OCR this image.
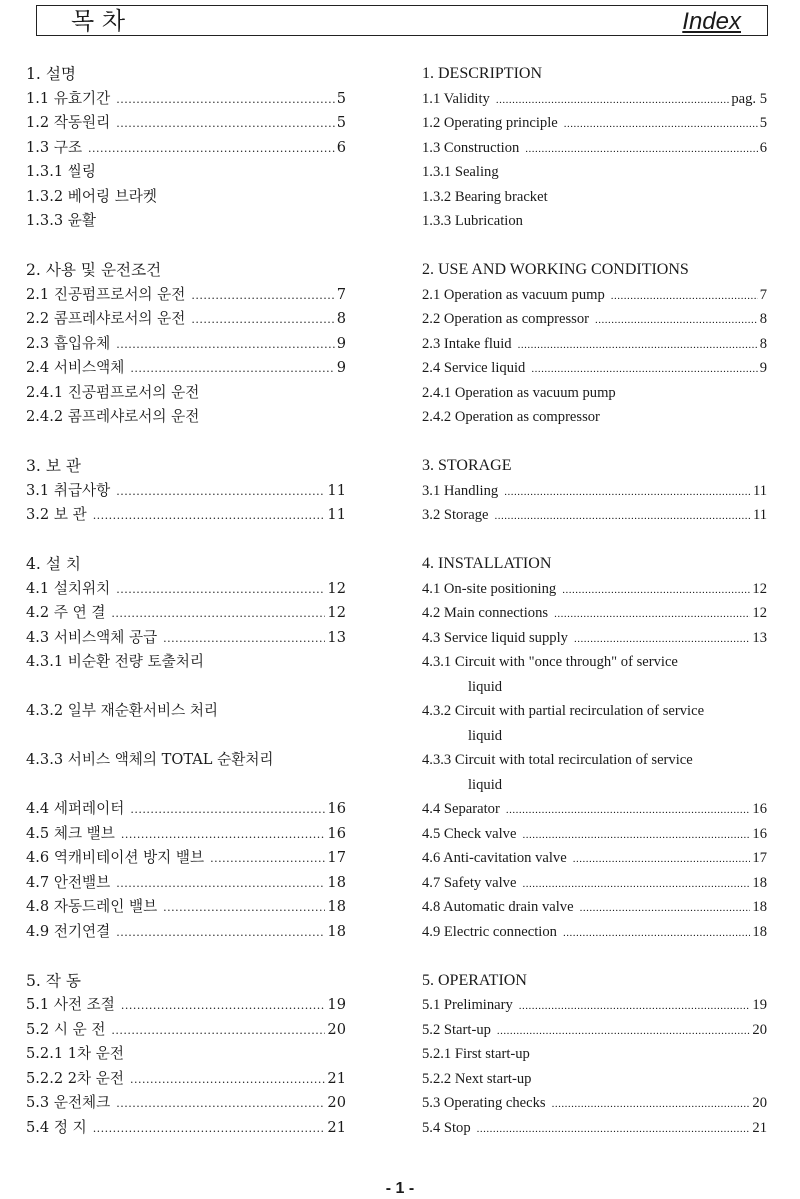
목 차	Index
1. 설명
1.1 유효기간 .....	5
1.2 작동원리 .....	5
1.3 구조 .....	6
1.3.1 씰링
1.3.2 베어링 브라켓
1.3.3 윤활
2. 사용 및 운전조건
2.1 진공펌프로서의 운전 .....	7
2.2 콤프레샤로서의 운전 .....	8
2.3 흡입유체 .....	9
2.4 서비스액체 .....	9
2.4.1 진공펌프로서의 운전
2.4.2 콤프레샤로서의 운전
3. 보 관
3.1 취급사항 .....	11
3.2 보 관 .....	11
4. 설 치
4.1 설치위치 .....	12
4.2 주 연 결 .....	12
4.3 서비스액체 공급 .....	13
4.3.1 비순환 전량 토출처리
4.3.2 일부 재순환서비스 처리
4.3.3 서비스 액체의 TOTAL 순환처리
4.4 세퍼레이터 .....	16
4.5 체크 밸브 .....	16
4.6 역캐비테이션 방지 밸브 .....	17
4.7 안전밸브 .....	18
4.8 자동드레인 밸브 .....	18
4.9 전기연결 .....	18
5. 작 동
5.1 사전 조절 .....	19
5.2 시 운 전 .....	20
5.2.1 1차 운전
5.2.2 2차 운전 .....	21
5.3 운전체크 .....	20
5.4 정 지 .....	21
1. DESCRIPTION
1.1 Validity .....	pag. 5
1.2 Operating principle .....	5
1.3 Construction .....	6
1.3.1 Sealing
1.3.2 Bearing bracket
1.3.3 Lubrication
2. USE AND WORKING CONDITIONS
2.1 Operation as vacuum pump .....	7
2.2 Operation as compressor .....	8
2.3 Intake fluid .....	8
2.4 Service liquid .....	9
2.4.1 Operation as vacuum pump
2.4.2 Operation as compressor
3. STORAGE
3.1 Handling .....	11
3.2 Storage .....	11
4. INSTALLATION
4.1 On-site positioning .....	12
4.2 Main connections .....	12
4.3 Service liquid supply .....	13
4.3.1 Circuit with "once through" of service
liquid
4.3.2 Circuit with partial recirculation of service
liquid
4.3.3 Circuit with total recirculation of service
liquid
4.4 Separator .....	16
4.5 Check valve .....	16
4.6 Anti-cavitation valve .....	17
4.7 Safety valve .....	18
4.8 Automatic drain valve .....	18
4.9 Electric connection .....	18
5. OPERATION
5.1 Preliminary .....	19
5.2 Start-up .....	20
5.2.1 First start-up
5.2.2 Next start-up
5.3 Operating checks .....	20
5.4 Stop .....	21
- 1 -
